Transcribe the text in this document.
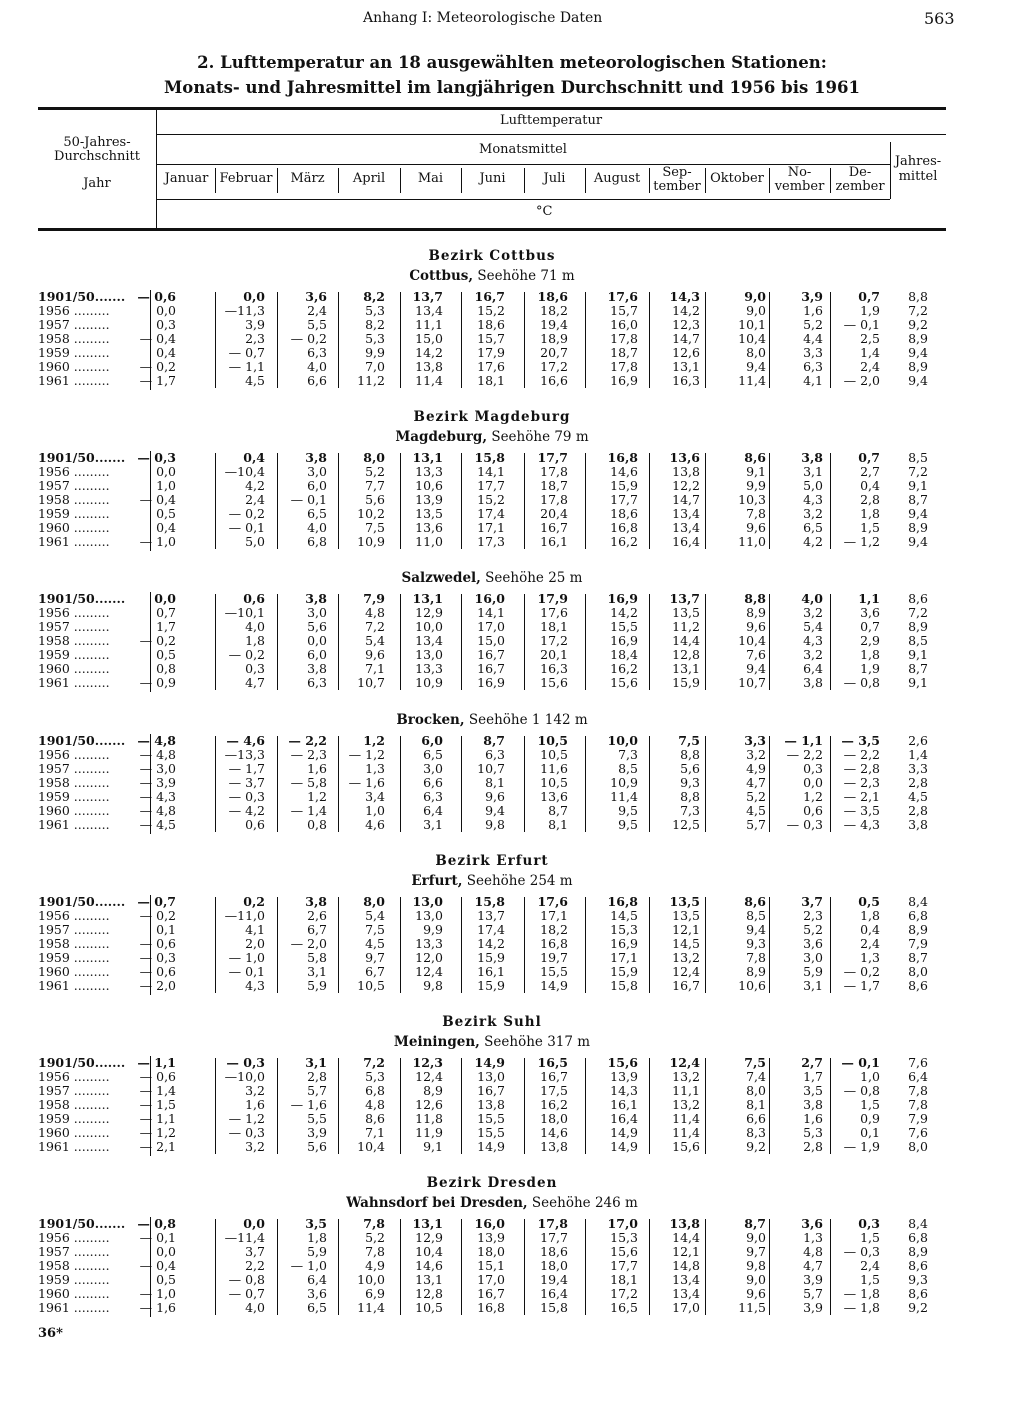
Anhang I: Meteorologische Daten	563
2. Lufttemperatur an 18 ausgewählten meteorologischen Stationen:
Monats- und Jahresmittel im langjährigen Durchschnitt und 1956 bis 1961
50-Jahres-
Durchschnitt
Jahr
Lufttemperatur
Monatsmittel
Jahres-
mittel
Januar Februar	März	April	Mai	Juni	Juli	August	Sep-
tember
Oktober	No-
vember
De-
zember
°C
Bezirk Cottbus
Cottbus, Seehöhe 71 m
1901/50....... — 0,6	0,0	3,6	8,2	13,7	16,7	18,6	17,6	14,3	9,0	3,9	0,7	8,8
1956 .........	0,0	—11,3	2,4	5,3	13,4	15,2	18,2	15,7	14,2	9,0	1,6	1,9	7,2
1957 .........	0,3	3,9	5,5	8,2	11,1	18,6	19,4	16,0	12,3	10,1	5,2	— 0,1	9,2
1958 .........	— 0,4	2,3	— 0,2	5,3	15,0	15,7	18,9	17,8	14,7	10,4	4,4	2,5	8,9
1959 .........	0,4	— 0,7	6,3	9,9	14,2	17,9	20,7	18,7	12,6	8,0	3,3	1,4	9,4
1960 .........	— 0,2	— 1,1	4,0	7,0	13,8	17,6	17,2	17,8	13,1	9,4	6,3	2,4	8,9
1961 .........	— 1,7	4,5	6,6	11,2	11,4	18,1	16,6	16,9	16,3	11,4	4,1	— 2,0	9,4
Bezirk Magdeburg
Magdeburg, Seehöhe 79 m
1901/50....... — 0,3	0,4	3,8	8,0	13,1	15,8	17,7	16,8	13,6	8,6	3,8	0,7	8,5
1956 .........	0,0	—10,4	3,0	5,2	13,3	14,1	17,8	14,6	13,8	9,1	3,1	2,7	7,2
1957 .........	1,0	4,2	6,0	7,7	10,6	17,7	18,7	15,9	12,2	9,9	5,0	0,4	9,1
1958 .........	— 0,4	2,4	— 0,1	5,6	13,9	15,2	17,8	17,7	14,7	10,3	4,3	2,8	8,7
1959 .........	0,5	— 0,2	6,5	10,2	13,5	17,4	20,4	18,6	13,4	7,8	3,2	1,8	9,4
1960 .........	0,4	— 0,1	4,0	7,5	13,6	17,1	16,7	16,8	13,4	9,6	6,5	1,5	8,9
1961 .........	— 1,0	5,0	6,8	10,9	11,0	17,3	16,1	16,2	16,4	11,0	4,2	— 1,2	9,4
Salzwedel, Seehöhe 25 m
1901/50.......	0,0	0,6	3,8	7,9	13,1	16,0	17,9	16,9	13,7	8,8	4,0	1,1	8,6
1956 .........	0,7	—10,1	3,0	4,8	12,9	14,1	17,6	14,2	13,5	8,9	3,2	3,6	7,2
1957 .........	1,7	4,0	5,6	7,2	10,0	17,0	18,1	15,5	11,2	9,6	5,4	0,7	8,9
1958 .........	— 0,2	1,8	0,0	5,4	13,4	15,0	17,2	16,9	14,4	10,4	4,3	2,9	8,5
1959 .........	0,5	— 0,2	6,0	9,6	13,0	16,7	20,1	18,4	12,8	7,6	3,2	1,8	9,1
1960 .........	0,8	0,3	3,8	7,1	13,3	16,7	16,3	16,2	13,1	9,4	6,4	1,9	8,7
1961 .........	— 0,9	4,7	6,3	10,7	10,9	16,9	15,6	15,6	15,9	10,7	3,8	— 0,8	9,1
Brocken, Seehöhe 1 142 m
1901/50....... — 4,8	— 4,6	— 2,2	1,2	6,0	8,7	10,5	10,0	7,5	3,3	— 1,1	— 3,5	2,6
1956 .........	— 4,8	—13,3	— 2,3	— 1,2	6,5	6,3	10,5	7,3	8,8	3,2	— 2,2	— 2,2	1,4
1957 .........	— 3,0	— 1,7	1,6	1,3	3,0	10,7	11,6	8,5	5,6	4,9	0,3	— 2,8	3,3
1958 .........	— 3,9	— 3,7	— 5,8	— 1,6	6,6	8,1	10,5	10,9	9,3	4,7	0,0	— 2,3	2,8
1959 .........	— 4,3	— 0,3	1,2	3,4	6,3	9,6	13,6	11,4	8,8	5,2	1,2	— 2,1	4,5
1960 .........	— 4,8	— 4,2	— 1,4	1,0	6,4	9,4	8,7	9,5	7,3	4,5	0,6	— 3,5	2,8
1961 .........	— 4,5	0,6	0,8	4,6	3,1	9,8	8,1	9,5	12,5	5,7	— 0,3	— 4,3	3,8
Bezirk Erfurt
Erfurt, Seehöhe 254 m
1901/50....... — 0,7	0,2	3,8	8,0	13,0	15,8	17,6	16,8	13,5	8,6	3,7	0,5	8,4
1956 .........	— 0,2	—11,0	2,6	5,4	13,0	13,7	17,1	14,5	13,5	8,5	2,3	1,8	6,8
1957 .........	0,1	4,1	6,7	7,5	9,9	17,4	18,2	15,3	12,1	9,4	5,2	0,4	8,9
1958 .........	— 0,6	2,0	— 2,0	4,5	13,3	14,2	16,8	16,9	14,5	9,3	3,6	2,4	7,9
1959 .........	— 0,3	— 1,0	5,8	9,7	12,0	15,9	19,7	17,1	13,2	7,8	3,0	1,3	8,7
1960 .........	— 0,6	— 0,1	3,1	6,7	12,4	16,1	15,5	15,9	12,4	8,9	5,9	— 0,2	8,0
1961 .........	— 2,0	4,3	5,9	10,5	9,8	15,9	14,9	15,8	16,7	10,6	3,1	— 1,7	8,6
Bezirk Suhl
Meiningen, Seehöhe 317 m
1901/50....... — 1,1	— 0,3	3,1	7,2	12,3	14,9	16,5	15,6	12,4	7,5	2,7	— 0,1	7,6
1956 .........	— 0,6	—10,0	2,8	5,3	12,4	13,0	16,7	13,9	13,2	7,4	1,7	1,0	6,4
1957 .........	— 1,4	3,2	5,7	6,8	8,9	16,7	17,5	14,3	11,1	8,0	3,5	— 0,8	7,8
1958 .........	— 1,5	1,6	— 1,6	4,8	12,6	13,8	16,2	16,1	13,2	8,1	3,8	1,5	7,8
1959 .........	— 1,1	— 1,2	5,5	8,6	11,8	15,5	18,0	16,4	11,4	6,6	1,6	0,9	7,9
1960 .........	— 1,2	— 0,3	3,9	7,1	11,9	15,5	14,6	14,9	11,4	8,3	5,3	0,1	7,6
1961 .........	— 2,1	3,2	5,6	10,4	9,1	14,9	13,8	14,9	15,6	9,2	2,8	— 1,9	8,0
Bezirk Dresden
Wahnsdorf bei Dresden, Seehöhe 246 m
1901/50....... — 0,8	0,0	3,5	7,8	13,1	16,0	17,8	17,0	13,8	8,7	3,6	0,3	8,4
1956 .........	— 0,1	—11,4	1,8	5,2	12,9	13,9	17,7	15,3	14,4	9,0	1,3	1,5	6,8
1957 .........	0,0	3,7	5,9	7,8	10,4	18,0	18,6	15,6	12,1	9,7	4,8	— 0,3	8,9
1958 .........	— 0,4	2,2	— 1,0	4,9	14,6	15,1	18,0	17,7	14,8	9,8	4,7	2,4	8,6
1959 .........	0,5	— 0,8	6,4	10,0	13,1	17,0	19,4	18,1	13,4	9,0	3,9	1,5	9,3
1960 .........	— 1,0	— 0,7	3,6	6,9	12,8	16,7	16,4	17,2	13,4	9,6	5,7	— 1,8	8,6
1961 .........	— 1,6	4,0	6,5	11,4	10,5	16,8	15,8	16,5	17,0	11,5	3,9	— 1,8	9,2
36*
